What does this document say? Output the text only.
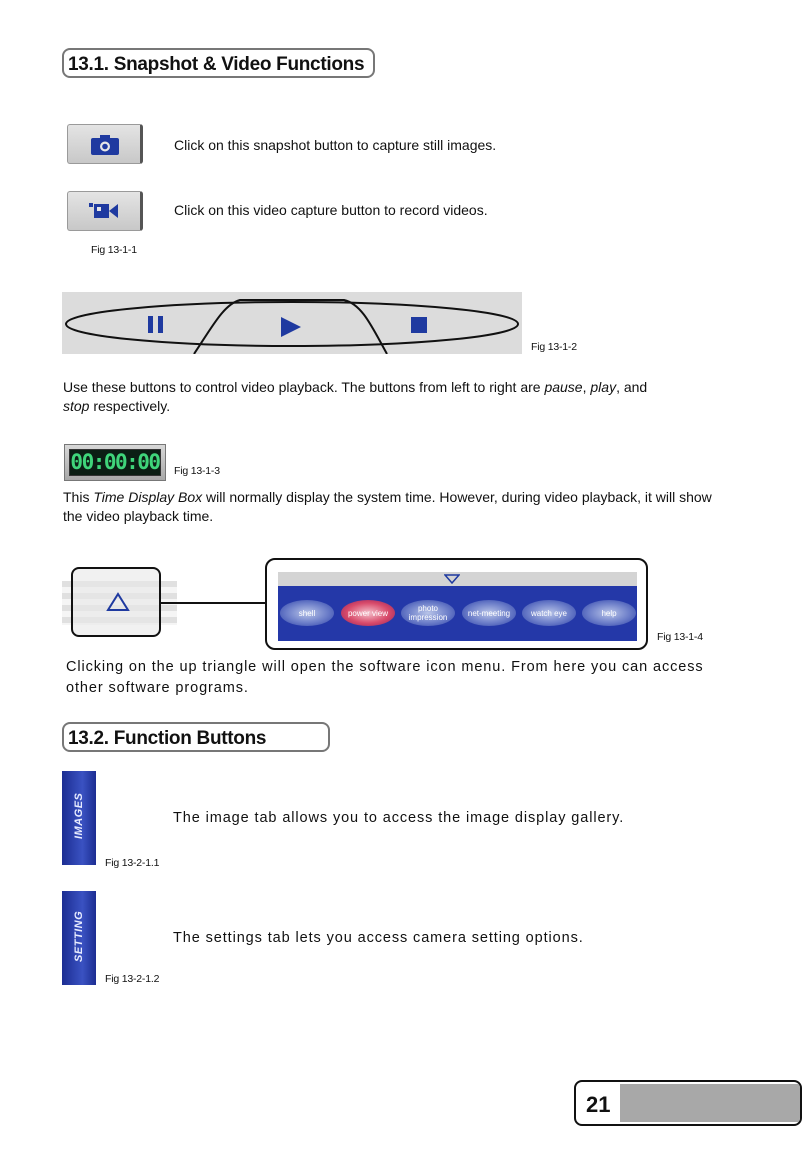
13.1. Snapshot & Video Functions
Click on this snapshot button to capture still images.
Click on this video capture button to record videos.
Fig 13-1-1
Fig 13-1-2
Use these buttons to control video playback. The buttons from left to right are pause, play, and
stop respectively.
00:00:00 Fig 13-1-3
This Time Display Box will normally display the system time. However, during video playback, it will show the video playback time.
shell	power view	photo impression	net-meeting	watch eye	help
Fig 13-1-4
Clicking on the up triangle will open the software icon menu. From here you can access other software programs.
13.2. Function Buttons
IMAGES	The image tab allows you to access the image display gallery.
Fig 13-2-1.1
SETTING	The settings tab lets you access camera setting options.
Fig 13-2-1.2
21
